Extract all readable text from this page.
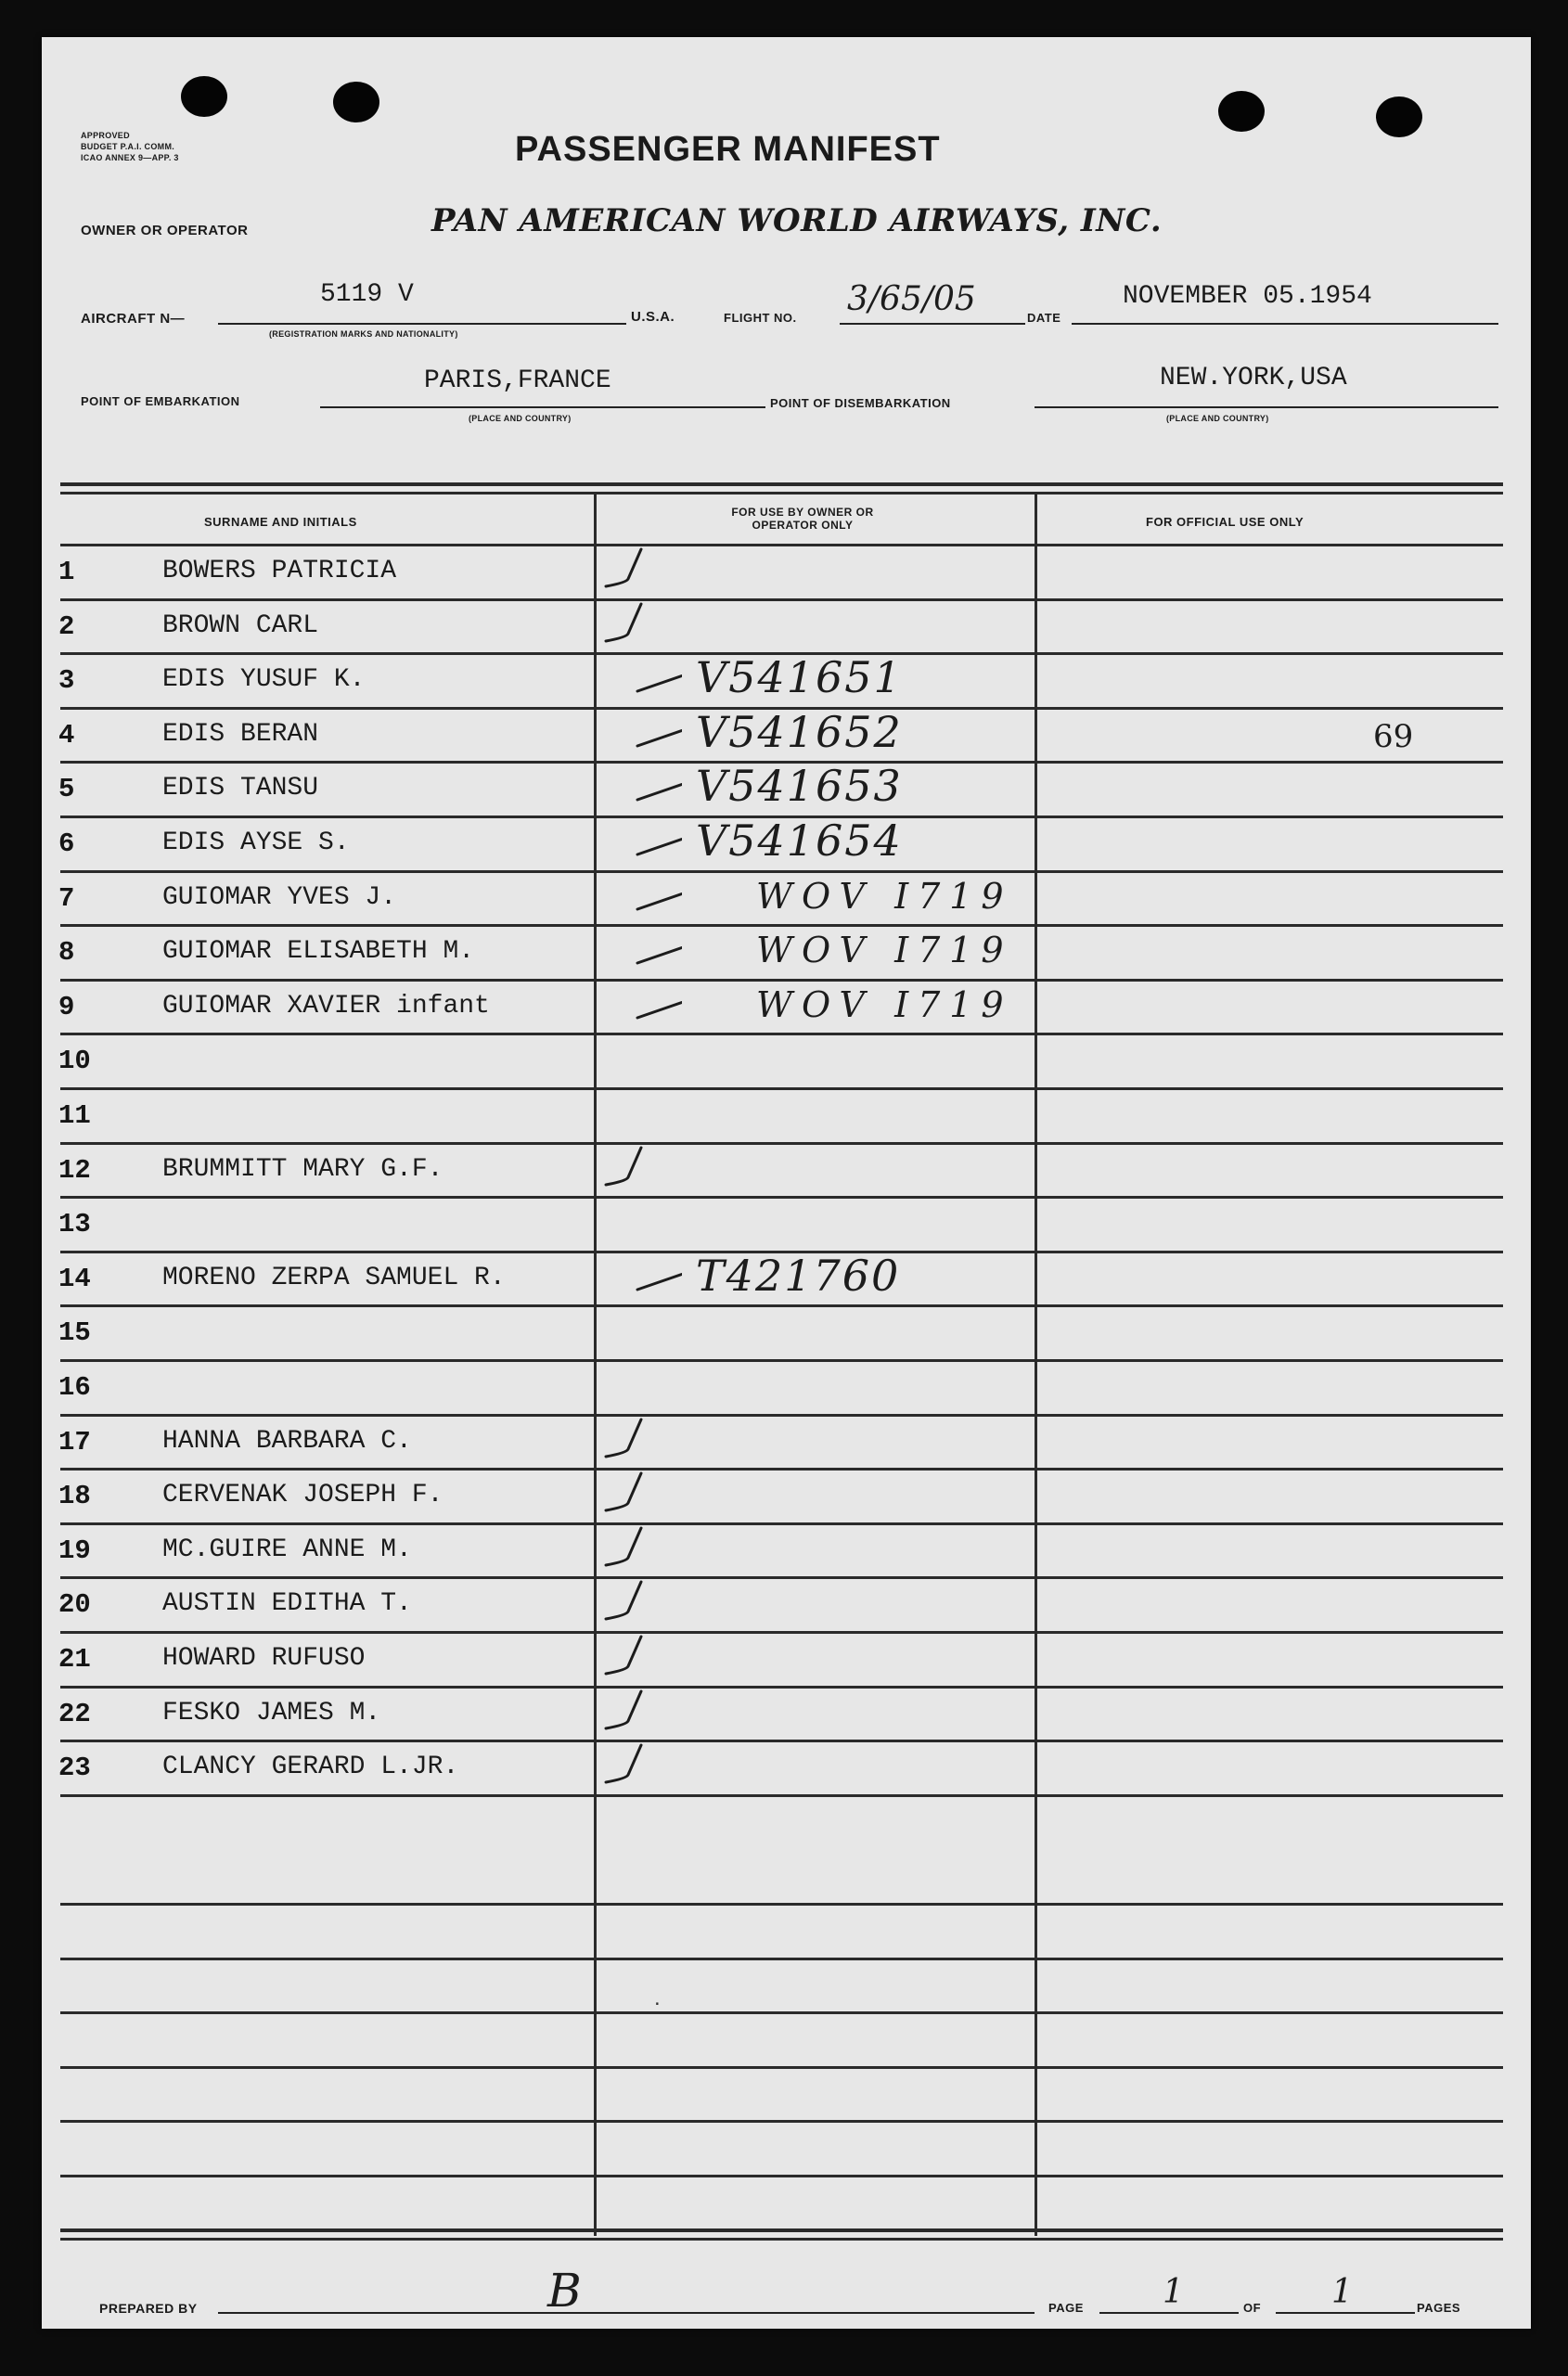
APPROVED
BUDGET P.A.I. COMM.
ICAO ANNEX 9—APP. 3	PASSENGER MANIFEST
OWNER OR OPERATOR	PAN AMERICAN WORLD AIRWAYS, INC.
AIRCRAFT N—
5119 V
(REGISTRATION MARKS AND NATIONALITY)
U.S.A.	FLIGHT NO. 3/65/05	DATE
NOVEMBER 05.1954
POINT OF EMBARKATION
PARIS,FRANCE
(PLACE AND COUNTRY)
POINT OF DISEMBARKATION
NEW.YORK,USA
(PLACE AND COUNTRY)
SURNAME AND INITIALS
FOR USE BY OWNER OR OPERATOR ONLY	FOR OFFICIAL USE ONLY
1	BOWERS PATRICIA
2	BROWN CARL
3	EDIS YUSUF K.	V541651
4	EDIS BERAN	V541652	69
5	EDIS TANSU	V541653
6	EDIS AYSE S.	V541654
7	GUIOMAR YVES J.	WOV I719
8	GUIOMAR ELISABETH M.	WOV I719
9	GUIOMAR XAVIER infant	WOV I719
10
11
12	BRUMMITT MARY G.F.
13
14	MORENO ZERPA SAMUEL R.	T421760
15
16
17	HANNA BARBARA C.
18	CERVENAK JOSEPH F.
19	MC.GUIRE ANNE M.
20	AUSTIN EDITHA T.
21	HOWARD RUFUSO
22	FESKO JAMES M.
23	CLANCY GERARD L.JR.
.
PREPARED BY	B	PAGE 1	OF 1	PAGES
